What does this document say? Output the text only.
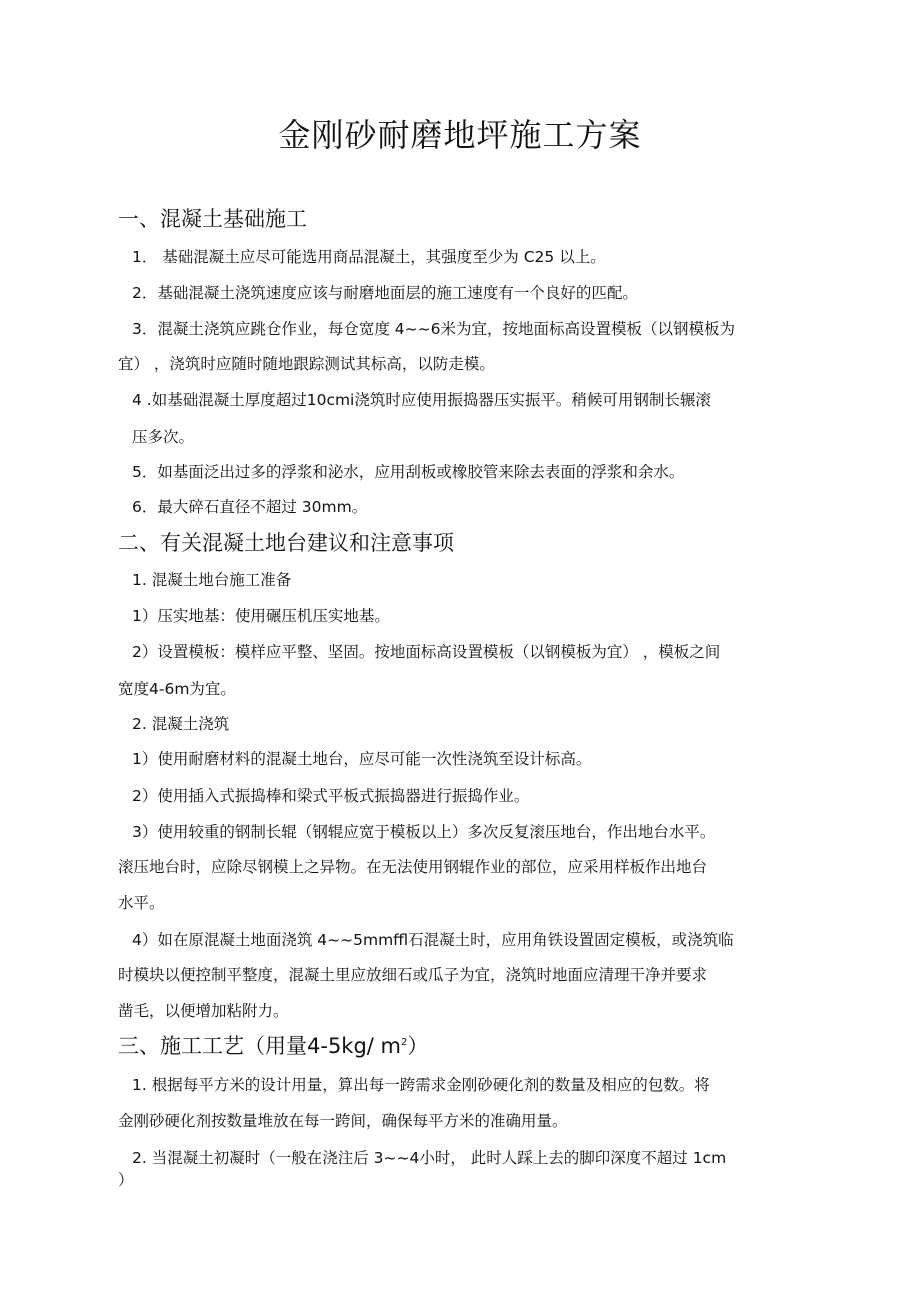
金刚砂耐磨地坪施工方案
一、混凝土基础施工
1． 基础混凝土应尽可能选用商品混凝土，其强度至少为 C25 以上。
2．基础混凝土浇筑速度应该与耐磨地面层的施工速度有一个良好的匹配。
3．混凝土浇筑应跳仓作业，每仓宽度 4~~6米为宜，按地面标高设置模板（以钢模板为
宜） ，浇筑时应随时随地跟踪测试其标高，以防走模。
4 .如基础混凝土厚度超过10cmi浇筑时应使用振捣器压实振平。稍候可用钢制长辗滚
压多次。
5．如基面泛出过多的浮浆和泌水，应用刮板或橡胶管来除去表面的浮浆和余水。
6．最大碎石直径不超过 30mm。
二、有关混凝土地台建议和注意事项
1. 混凝土地台施工准备
1）压实地基：使用碾压机压实地基。
2）设置模板：模样应平整、坚固。按地面标高设置模板（以钢模板为宜） ，模板之间
宽度4-6m为宜。
2. 混凝土浇筑
1）使用耐磨材料的混凝土地台，应尽可能一次性浇筑至设计标高。
2）使用插入式振捣棒和梁式平板式振捣器进行振捣作业。
3）使用较重的钢制长辊（钢辊应宽于模板以上）多次反复滚压地台，作出地台水平。
滚压地台时，应除尽钢模上之异物。在无法使用钢辊作业的部位，应采用样板作出地台
水平。
4）如在原混凝土地面浇筑 4~~5mmffl石混凝土时，应用角铁设置固定模板，或浇筑临
时模块以便控制平整度，混凝土里应放细石或瓜子为宜，浇筑时地面应清理干净并要求
凿毛，以便增加粘附力。
三、施工工艺（用量4-5kg/ $m^2$）
1. 根据每平方米的设计用量，算出每一跨需求金刚砂硬化剂的数量及相应的包数。将
金刚砂硬化剂按数量堆放在每一跨间，确保每平方米的准确用量。
2. 当混凝土初凝时（一般在浇注后 3~~4小时， 此时人踩上去的脚印深度不超过 1cm
）
